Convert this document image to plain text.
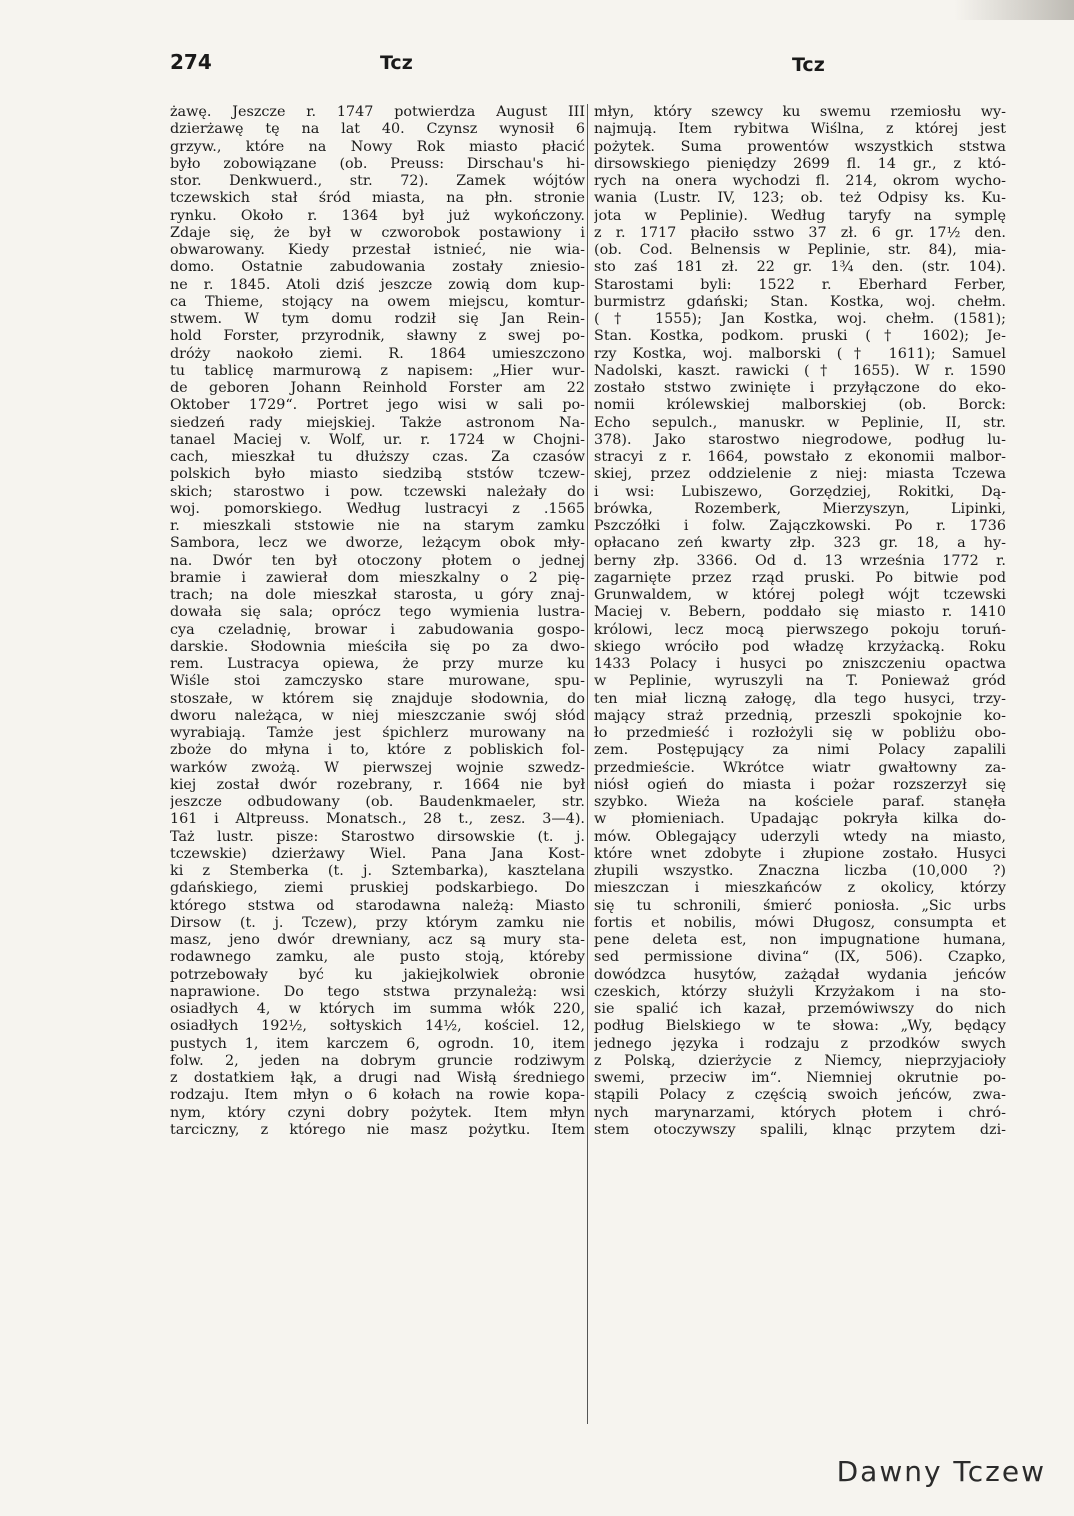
274	Tcz	Tcz
żawę. Jeszcze r. 1747 potwierdza August III
dzierżawę tę na lat 40. Czynsz wynosił 6
grzyw., które na Nowy Rok miasto płacić
było zobowiązane (ob. Preuss: Dirschau's hi-
stor. Denkwuerd., str. 72). Zamek wójtów
tczewskich stał śród miasta, na płn. stronie
rynku. Około r. 1364 był już wykończony.
Zdaje się, że był w czworobok postawiony i
obwarowany. Kiedy przestał istnieć, nie wia-
domo. Ostatnie zabudowania zostały zniesio-
ne r. 1845. Atoli dziś jeszcze zowią dom kup-
ca Thieme, stojący na owem miejscu, komtur-
stwem. W tym domu rodził się Jan Rein-
hold Forster, przyrodnik, sławny z swej po-
dróży naokoło ziemi. R. 1864 umieszczono
tu tablicę marmurową z napisem: „Hier wur-
de geboren Johann Reinhold Forster am 22
Oktober 1729“. Portret jego wisi w sali po-
siedzeń rady miejskiej. Także astronom Na-
tanael Maciej v. Wolf, ur. r. 1724 w Chojni-
cach, mieszkał tu dłuższy czas. Za czasów
polskich było miasto siedzibą ststów tczew-
skich; starostwo i pow. tczewski należały do
woj. pomorskiego. Według lustracyi z .1565
r. mieszkali ststowie nie na starym zamku
Sambora, lecz we dworze, leżącym obok mły-
na. Dwór ten był otoczony płotem o jednej
bramie i zawierał dom mieszkalny o 2 pię-
trach; na dole mieszkał starosta, u góry znaj-
dowała się sala; oprócz tego wymienia lustra-
cya czeladnię, browar i zabudowania gospo-
darskie. Słodownia mieściła się po za dwo-
rem. Lustracya opiewa, że przy murze ku
Wiśle stoi zamczysko stare murowane, spu-
stoszałe, w którem się znajduje słodownia, do
dworu należąca, w niej mieszczanie swój słód
wyrabiają. Tamże jest śpichlerz murowany na
zboże do młyna i to, które z pobliskich fol-
warków zwożą. W pierwszej wojnie szwedz-
kiej został dwór rozebrany, r. 1664 nie był
jeszcze odbudowany (ob. Baudenkmaeler, str.
161 i Altpreuss. Monatsch., 28 t., zesz. 3—4).
Taż lustr. pisze: Starostwo dirsowskie (t. j.
tczewskie) dzierżawy Wiel. Pana Jana Kost-
ki z Stemberka (t. j. Sztembarka), kasztelana
gdańskiego, ziemi pruskiej podskarbiego. Do
którego ststwa od starodawna należą: Miasto
Dirsow (t. j. Tczew), przy którym zamku nie
masz, jeno dwór drewniany, acz są mury sta-
rodawnego zamku, ale pusto stoją, któreby
potrzebowały być ku jakiejkolwiek obronie
naprawione. Do tego ststwa przynależą: wsi
osiadłych 4, w których im summa włók 220,
osiadłych 192½, sołtyskich 14½, kościel. 12,
pustych 1, item karczem 6, ogrodn. 10, item
folw. 2, jeden na dobrym gruncie rodziwym
z dostatkiem łąk, a drugi nad Wisłą średniego
rodzaju. Item młyn o 6 kołach na rowie kopa-
nym, który czyni dobry pożytek. Item młyn
tarciczny, z którego nie masz pożytku. Item
młyn, który szewcy ku swemu rzemiosłu wy-
najmują. Item rybitwa Wiślna, z której jest
pożytek. Suma prowentów wszystkich ststwa
dirsowskiego pieniędzy 2699 fl. 14 gr., z któ-
rych na onera wychodzi fl. 214, okrom wycho-
wania (Lustr. IV, 123; ob. też Odpisy ks. Ku-
jota w Peplinie). Według taryfy na symplę
z r. 1717 płaciło sstwo 37 zł. 6 gr. 17½ den.
(ob. Cod. Belnensis w Peplinie, str. 84), mia-
sto zaś 181 zł. 22 gr. 1¾ den. (str. 104).
Starostami byli: 1522 r. Eberhard Ferber,
burmistrz gdański; Stan. Kostka, woj. chełm.
(† 1555); Jan Kostka, woj. chełm. (1581);
Stan. Kostka, podkom. pruski († 1602); Je-
rzy Kostka, woj. malborski († 1611); Samuel
Nadolski, kaszt. rawicki († 1655). W r. 1590
zostało ststwo zwinięte i przyłączone do eko-
nomii królewskiej malborskiej (ob. Borck:
Echo sepulch., manuskr. w Peplinie, II, str.
378). Jako starostwo niegrodowe, podług lu-
stracyi z r. 1664, powstało z ekonomii malbor-
skiej, przez oddzielenie z niej: miasta Tczewa
i wsi: Lubiszewo, Gorzędziej, Rokitki, Dą-
brówka, Rozemberk, Mierzyszyn, Lipinki,
Pszczółki i folw. Zajączkowski. Po r. 1736
opłacano zeń kwarty złp. 323 gr. 18, a hy-
berny złp. 3366. Od d. 13 września 1772 r.
zagarnięte przez rząd pruski. Po bitwie pod
Grunwaldem, w której poległ wójt tczewski
Maciej v. Bebern, poddało się miasto r. 1410
królowi, lecz mocą pierwszego pokoju toruń-
skiego wróciło pod władzę krzyżacką. Roku
1433 Polacy i husyci po zniszczeniu opactwa
w Peplinie, wyruszyli na T. Ponieważ gród
ten miał liczną załogę, dla tego husyci, trzy-
mający straż przednią, przeszli spokojnie ko-
ło przedmieść i rozłożyli się w pobliżu obo-
zem. Postępujący za nimi Polacy zapalili
przedmieście. Wkrótce wiatr gwałtowny za-
niósł ogień do miasta i pożar rozszerzył się
szybko. Wieża na kościele paraf. stanęła
w płomieniach. Upadając pokryła kilka do-
mów. Oblegający uderzyli wtedy na miasto,
które wnet zdobyte i złupione zostało. Husyci
złupili wszystko. Znaczna liczba (10,000 ?)
mieszczan i mieszkańców z okolicy, którzy
się tu schronili, śmierć poniosła. „Sic urbs
fortis et nobilis, mówi Długosz, consumpta et
pene deleta est, non impugnatione humana,
sed permissione divina“ (IX, 506). Czapko,
dowódzca husytów, zażądał wydania jeńców
czeskich, którzy służyli Krzyżakom i na sto-
sie spalić ich kazał, przemówiwszy do nich
podług Bielskiego w te słowa: „Wy, będący
jednego języka i rodzaju z przodków swych
z Polską, dzierżycie z Niemcy, nieprzyjacioły
swemi, przeciw im“. Niemniej okrutnie po-
stąpili Polacy z częścią swoich jeńców, zwa-
nych marynarzami, których płotem i chró-
stem otoczywszy spalili, klnąc przytem dzi-
Dawny Tczew
